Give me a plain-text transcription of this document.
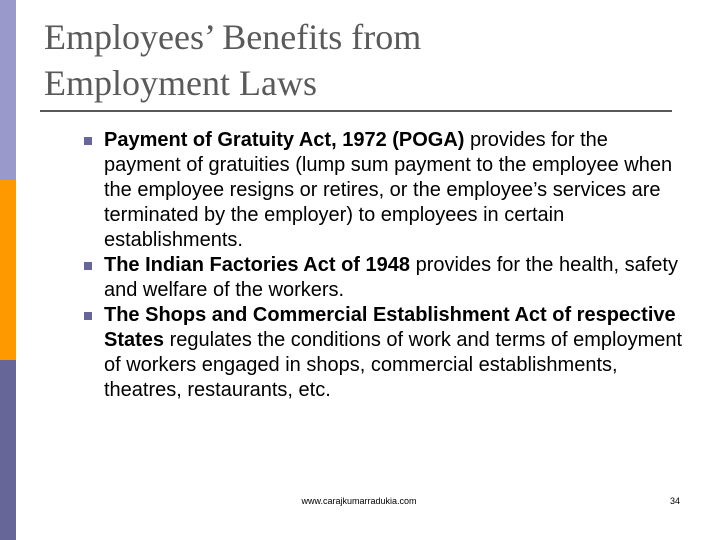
Employees’ Benefits from
Employment Laws
Payment of Gratuity Act, 1972 (POGA) provides for the payment of gratuities (lump sum payment to the employee when the employee resigns or retires, or the employee’s services are terminated by the employer) to employees in certain establishments.
The Indian Factories Act of 1948 provides for the health, safety and welfare of the workers.
The Shops and Commercial Establishment Act of respective States regulates the conditions of work and terms of employment of workers engaged in shops, commercial establishments, theatres, restaurants, etc.
www.carajkumarradukia.com	34
